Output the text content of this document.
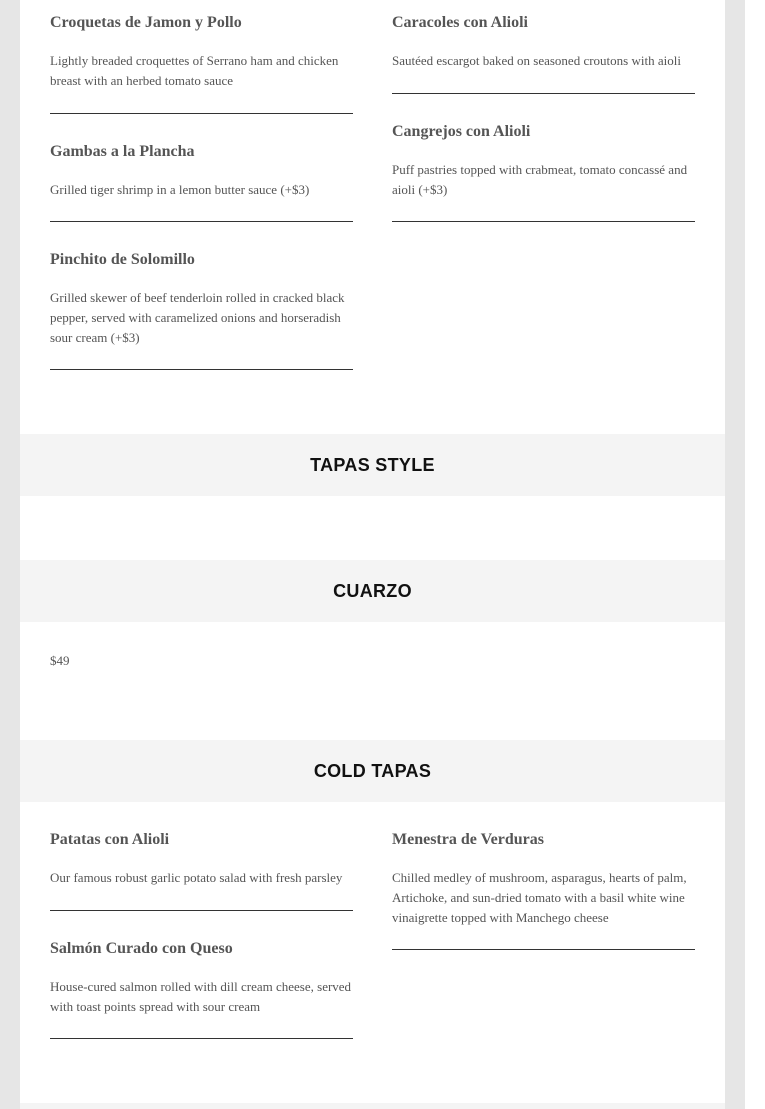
Croquetas de Jamon y Pollo

Lightly breaded croquettes of Serrano ham and chicken breast with an herbed tomato sauce

Caracoles con Alioli

Sautéed escargot baked on seasoned croutons with aioli

Gambas a la Plancha

Grilled tiger shrimp in a lemon butter sauce (+$3)

Cangrejos con Alioli

Puff pastries topped with crabmeat, tomato concassé and aioli (+$3)

Pinchito de Solomillo

Grilled skewer of beef tenderloin rolled in cracked black pepper, served with caramelized onions and horseradish sour cream (+$3)

TAPAS STYLE
CUARZO
$49
COLD TAPAS
Patatas con Alioli

Our famous robust garlic potato salad with fresh parsley

Menestra de Verduras

Chilled medley of mushroom, asparagus, hearts of palm, Artichoke, and sun-dried tomato with a basil white wine vinaigrette topped with Manchego cheese

Salmón Curado con Queso

House-cured salmon rolled with dill cream cheese, served with toast points spread with sour cream
